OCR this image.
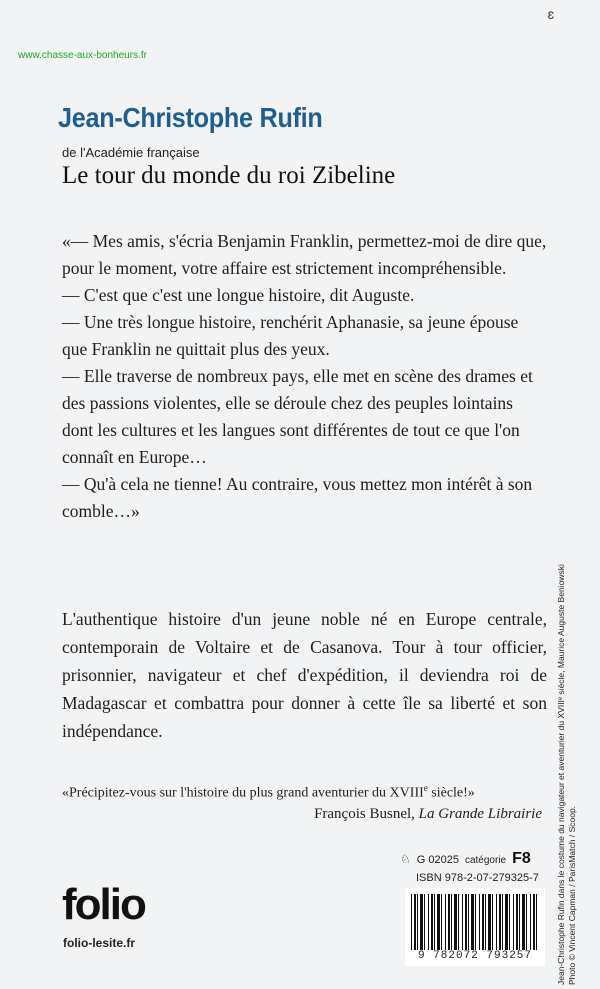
www.chasse-aux-bonheurs.fr
ɛ
Jean-Christophe Rufin
de l'Académie française
Le tour du monde du roi Zibeline

«— Mes amis, s'écria Benjamin Franklin, permettez-moi de dire que, pour le moment, votre affaire est strictement incompréhensible.

— C'est que c'est une longue histoire, dit Auguste.

— Une très longue histoire, renchérit Aphanasie, sa jeune épouse que Franklin ne quittait plus des yeux.

— Elle traverse de nombreux pays, elle met en scène des drames et des passions violentes, elle se déroule chez des peuples lointains dont les cultures et les langues sont différentes de tout ce que l'on connaît en Europe…

— Qu'à cela ne tienne! Au contraire, vous mettez mon intérêt à son comble…»

L'authentique histoire d'un jeune noble né en Europe centrale, contemporain de Voltaire et de Casanova. Tour à tour officier, prisonnier, navigateur et chef d'expédition, il deviendra roi de Madagascar et combattra pour donner à cette île sa liberté et son indépendance.
«Précipitez-vous sur l'histoire du plus grand aventurier du XVIIIe siècle!»
François Busnel, La Grande Librairie Jean-Christophe Rufin dans le costume du navigateur et aventurier du XVIIIᵉ siècle, Maurice Auguste Beniowski Photo © Vincent Capman / ParisMatch / Scoop.
folio
folio-lesite.fr
♘ G 02025 catégorie F8
ISBN 978-2-07-279325-7
9 782072 793257
